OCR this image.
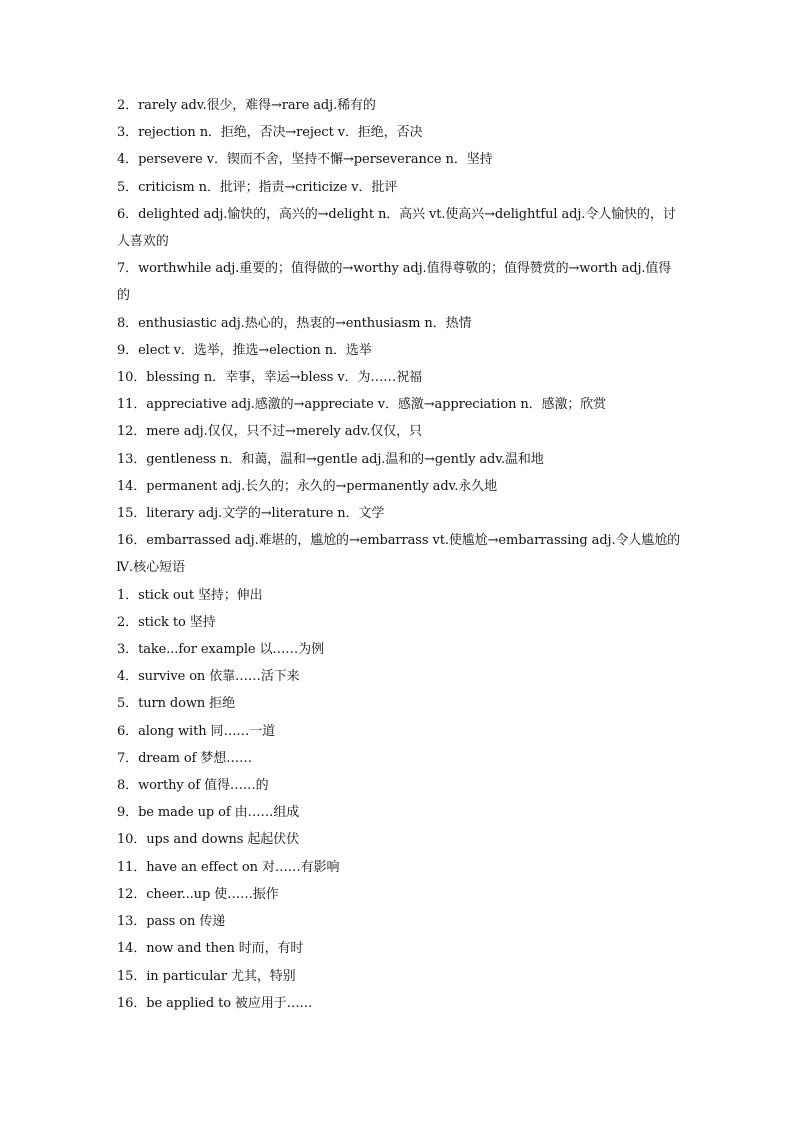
2．rarely adv.很少，难得→rare adj.稀有的
3．rejection n．拒绝，否决→reject v．拒绝，否决
4．persevere v．锲而不舍，坚持不懈→perseverance n．坚持
5．criticism n．批评；指责→criticize v．批评
6．delighted adj.愉快的，高兴的→delight n．高兴 vt.使高兴→delightful adj.令人愉快的，讨人喜欢的
7．worthwhile adj.重要的；值得做的→worthy adj.值得尊敬的；值得赞赏的→worth adj.值得的
8．enthusiastic adj.热心的，热衷的→enthusiasm n．热情
9．elect v．选举，推选→election n．选举
10．blessing n．幸事，幸运→bless v．为……祝福
11．appreciative adj.感激的→appreciate v．感激→appreciation n．感激；欣赏
12．mere adj.仅仅，只不过→merely adv.仅仅，只
13．gentleness n．和蔼，温和→gentle adj.温和的→gently adv.温和地
14．permanent adj.长久的；永久的→permanently adv.永久地
15．literary adj.文学的→literature n．文学
16．embarrassed adj.难堪的，尴尬的→embarrass vt.使尴尬→embarrassing adj.令人尴尬的
Ⅳ.核心短语
1．stick out 坚持；伸出
2．stick to 坚持
3．take...for example 以……为例
4．survive on 依靠……活下来
5．turn down 拒绝
6．along with 同……一道
7．dream of 梦想……
8．worthy of 值得……的
9．be made up of 由……组成
10．ups and downs 起起伏伏
11．have an effect on 对……有影响
12．cheer...up 使……振作
13．pass on 传递
14．now and then 时而，有时
15．in particular 尤其，特别
16．be applied to 被应用于……
